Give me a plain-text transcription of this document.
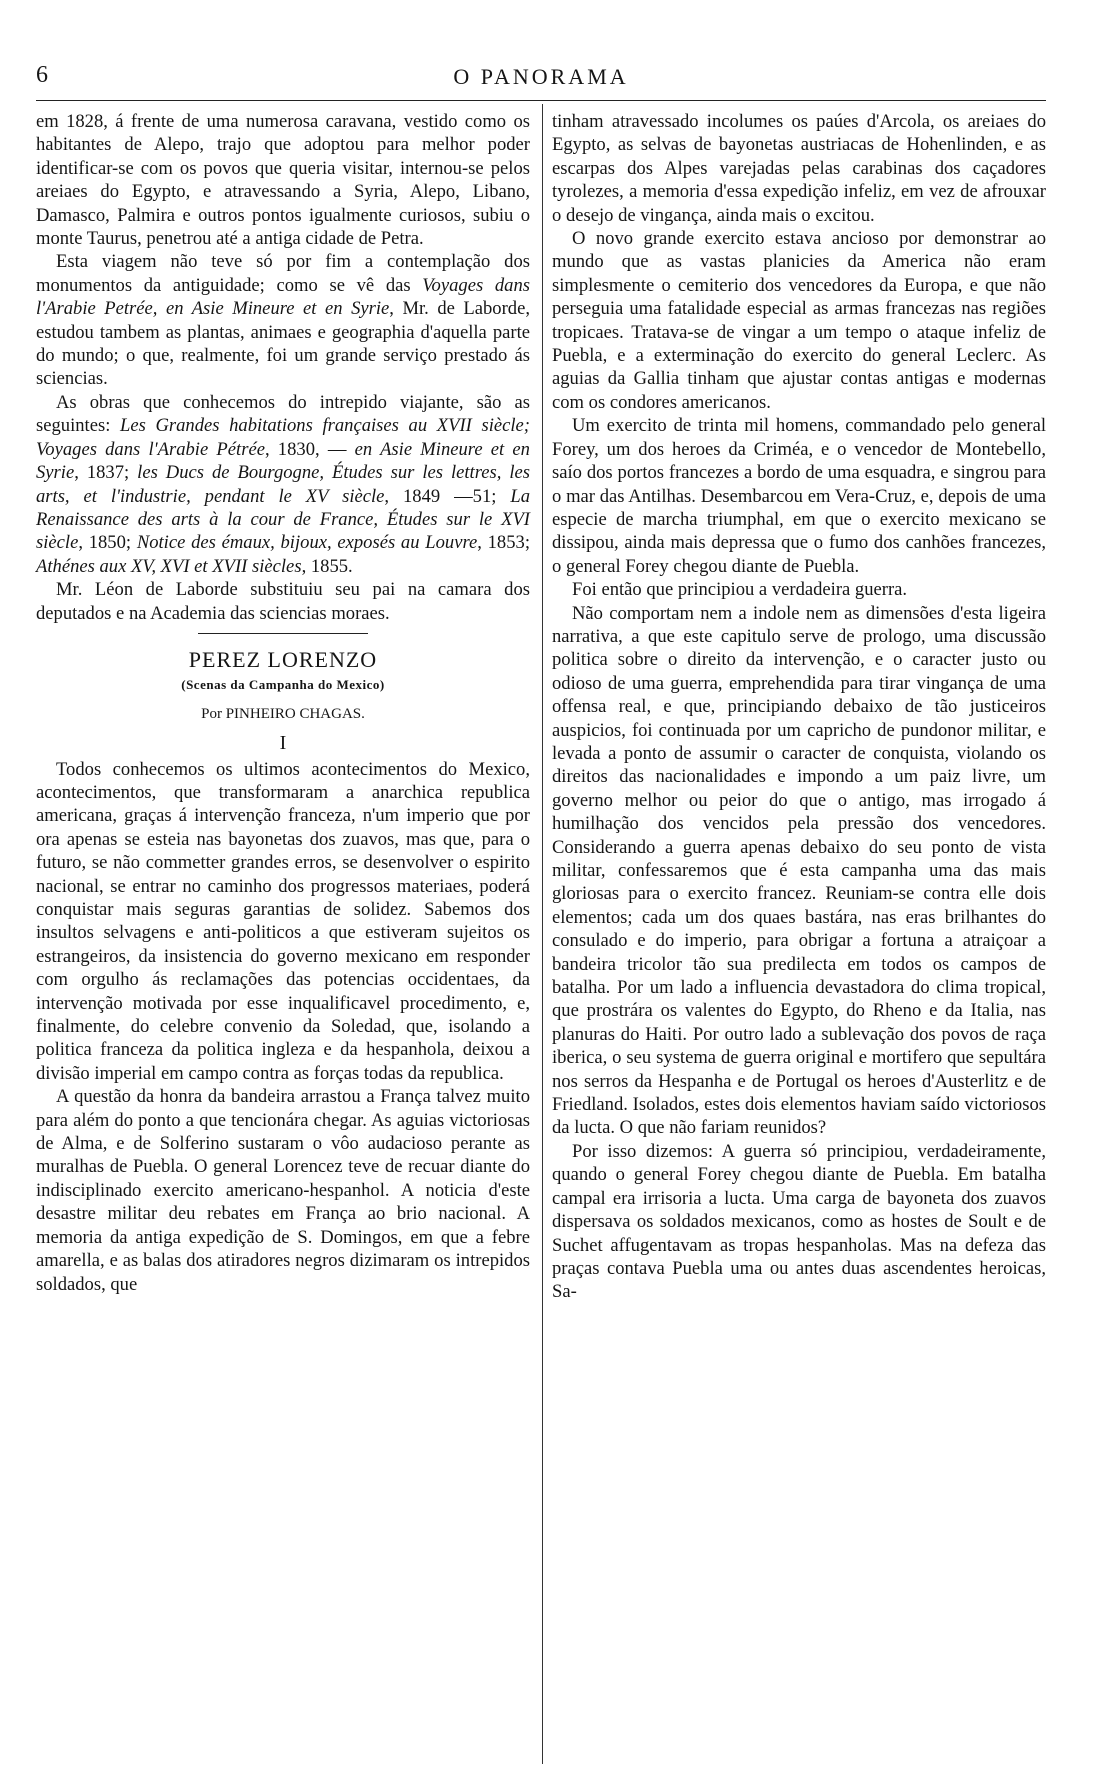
6	O PANORAMA

em 1828, á frente de uma numerosa caravana, vestido como os habitantes de Alepo, trajo que adoptou para melhor poder identificar-se com os povos que queria visitar, internou-se pelos areiaes do Egypto, e atravessando a Syria, Alepo, Libano, Damasco, Palmira e outros pontos igualmente curiosos, subiu o monte Taurus, penetrou até a antiga cidade de Petra.

Esta viagem não teve só por fim a contemplação dos monumentos da antiguidade; como se vê das Voyages dans l'Arabie Petrée, en Asie Mineure et en Syrie, Mr. de Laborde, estudou tambem as plantas, animaes e geographia d'aquella parte do mundo; o que, realmente, foi um grande serviço prestado ás sciencias.

As obras que conhecemos do intrepido viajante, são as seguintes: Les Grandes habitations françaises au XVII siècle; Voyages dans l'Arabie Pétrée, 1830, — en Asie Mineure et en Syrie, 1837; les Ducs de Bourgogne, Études sur les lettres, les arts, et l'industrie, pendant le XV siècle, 1849 —51; La Renaissance des arts à la cour de France, Études sur le XVI siècle, 1850; Notice des émaux, bijoux, exposés au Louvre, 1853; Athénes aux XV, XVI et XVII siècles, 1855.

Mr. Léon de Laborde substituiu seu pai na camara dos deputados e na Academia das sciencias moraes.

PEREZ LORENZO
(Scenas da Campanha do Mexico)
Por PINHEIRO CHAGAS.
I

Todos conhecemos os ultimos acontecimentos do Mexico, acontecimentos, que transformaram a anarchica republica americana, graças á intervenção franceza, n'um imperio que por ora apenas se esteia nas bayonetas dos zuavos, mas que, para o futuro, se não commetter grandes erros, se desenvolver o espirito nacional, se entrar no caminho dos progressos materiaes, poderá conquistar mais seguras garantias de solidez. Sabemos dos insultos selvagens e anti-politicos a que estiveram sujeitos os estrangeiros, da insistencia do governo mexicano em responder com orgulho ás reclamações das potencias occidentaes, da intervenção motivada por esse inqualificavel procedimento, e, finalmente, do celebre convenio da Soledad, que, isolando a politica franceza da politica ingleza e da hespanhola, deixou a divisão imperial em campo contra as forças todas da republica.

A questão da honra da bandeira arrastou a França talvez muito para além do ponto a que tencionára chegar. As aguias victoriosas de Alma, e de Solferino sustaram o vôo audacioso perante as muralhas de Puebla. O general Lorencez teve de recuar diante do indisciplinado exercito americano-hespanhol. A noticia d'este desastre militar deu rebates em França ao brio nacional. A memoria da antiga expedição de S. Domingos, em que a febre amarella, e as balas dos atiradores negros dizimaram os intrepidos soldados, que

tinham atravessado incolumes os paúes d'Arcola, os areiaes do Egypto, as selvas de bayonetas austriacas de Hohenlinden, e as escarpas dos Alpes varejadas pelas carabinas dos caçadores tyrolezes, a memoria d'essa expedição infeliz, em vez de afrouxar o desejo de vingança, ainda mais o excitou.

O novo grande exercito estava ancioso por demonstrar ao mundo que as vastas planicies da America não eram simplesmente o cemiterio dos vencedores da Europa, e que não perseguia uma fatalidade especial as armas francezas nas regiões tropicaes. Tratava-se de vingar a um tempo o ataque infeliz de Puebla, e a exterminação do exercito do general Leclerc. As aguias da Gallia tinham que ajustar contas antigas e modernas com os condores americanos.

Um exercito de trinta mil homens, commandado pelo general Forey, um dos heroes da Criméa, e o vencedor de Montebello, saío dos portos francezes a bordo de uma esquadra, e singrou para o mar das Antilhas. Desembarcou em Vera-Cruz, e, depois de uma especie de marcha triumphal, em que o exercito mexicano se dissipou, ainda mais depressa que o fumo dos canhões francezes, o general Forey chegou diante de Puebla.

Foi então que principiou a verdadeira guerra.

Não comportam nem a indole nem as dimensões d'esta ligeira narrativa, a que este capitulo serve de prologo, uma discussão politica sobre o direito da intervenção, e o caracter justo ou odioso de uma guerra, emprehendida para tirar vingança de uma offensa real, e que, principiando debaixo de tão justiceiros auspicios, foi continuada por um capricho de pundonor militar, e levada a ponto de assumir o caracter de conquista, violando os direitos das nacionalidades e impondo a um paiz livre, um governo melhor ou peior do que o antigo, mas irrogado á humilhação dos vencidos pela pressão dos vencedores. Considerando a guerra apenas debaixo do seu ponto de vista militar, confessaremos que é esta campanha uma das mais gloriosas para o exercito francez. Reuniam-se contra elle dois elementos; cada um dos quaes bastára, nas eras brilhantes do consulado e do imperio, para obrigar a fortuna a atraiçoar a bandeira tricolor tão sua predilecta em todos os campos de batalha. Por um lado a influencia devastadora do clima tropical, que prostrára os valentes do Egypto, do Rheno e da Italia, nas planuras do Haiti. Por outro lado a sublevação dos povos de raça iberica, o seu systema de guerra original e mortifero que sepultára nos serros da Hespanha e de Portugal os heroes d'Austerlitz e de Friedland. Isolados, estes dois elementos haviam saído victoriosos da lucta. O que não fariam reunidos?

Por isso dizemos: A guerra só principiou, verdadeiramente, quando o general Forey chegou diante de Puebla. Em batalha campal era irrisoria a lucta. Uma carga de bayoneta dos zuavos dispersava os soldados mexicanos, como as hostes de Soult e de Suchet affugentavam as tropas hespanholas. Mas na defeza das praças contava Puebla uma ou antes duas ascendentes heroicas, Sa-
